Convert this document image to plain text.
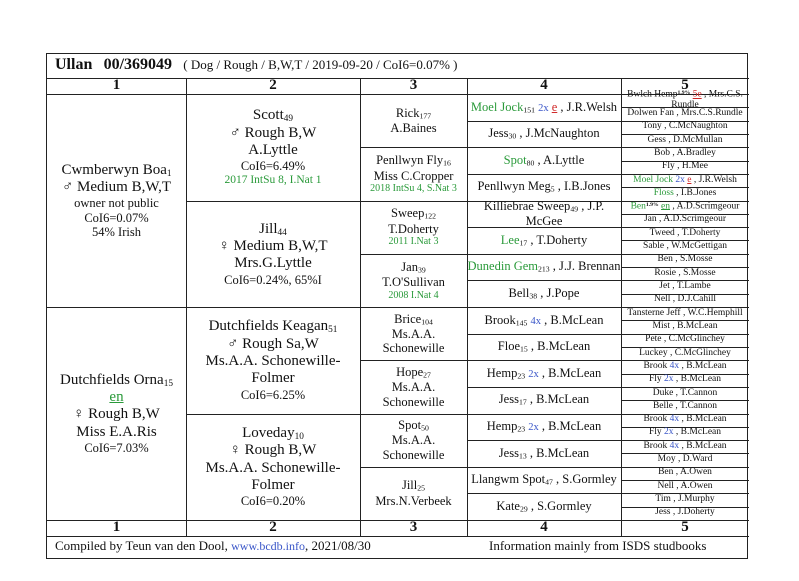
Ullan 00/369049 ( Dog / Rough / B,W,T / 2019-09-20 / CoI6=0.07% )
1
1
2
2
3
3
4
4
5
5
Cwmberwyn Boa$_1$
♂ Medium B,W,T
owner not public
CoI6=0.07%
54% Irish
Dutchfields Orna$_{15}$
en
♀ Rough B,W
Miss E.A.Ris
CoI6=7.03%
Scott$_{49}$
♂ Rough B,W
A.Lyttle
CoI6=6.49%
2017 IntSu 8, I.Nat 1
Jill$_{44}$
♀ Medium B,W,T
Mrs.G.Lyttle
CoI6=0.24%, 65%I
Dutchfields Keagan$_{51}$
♂ Rough Sa,W
Ms.A.A. Schonewille-Folmer
CoI6=6.25%
Loveday$_{10}$
♀ Rough B,W
Ms.A.A. Schonewille-Folmer
CoI6=0.20%
Rick$_{177}$
A.Baines
Penllwyn Fly$_{16}$
Miss C.Cropper
2018 IntSu 4, S.Nat 3
Sweep$_{122}$
T.Doherty
2011 I.Nat 3
Jan$_{39}$
T.O'Sullivan
2008 I.Nat 4
Brice$_{104}$
Ms.A.A. Schonewille
Hope$_{27}$
Ms.A.A. Schonewille
Spot$_{50}$
Ms.A.A. Schonewille
Jill$_{25}$
Mrs.N.Verbeek
Moel Jock$_{151}$ 2x e , J.R.Welsh
Jess$_{30}$ , J.McNaughton
Spot$_{80}$ , A.Lyttle
Penllwyn Meg$_5$ , I.B.Jones
Killiebrae Sweep$_{49}$ , J.P. McGee
Lee$_{17}$ , T.Doherty
Dunedin Gem$_{213}$ , J.J. Brennan
Bell$_{38}$ , J.Pope
Brook$_{145}$ 4x , B.McLean
Floe$_{15}$ , B.McLean
Hemp$_{23}$ 2x , B.McLean
Jess$_{17}$ , B.McLean
Hemp$_{23}$ 2x , B.McLean
Jess$_{13}$ , B.McLean
Llangwm Spot$_{47}$ , S.Gormley
Kate$_{29}$ , S.Gormley
Bwlch Hemp$^{1.9\%}$ 5e , Mrs.C.S. Rundle
Dolwen Fan , Mrs.C.S.Rundle
Tony , C.McNaughton
Gess , D.McMullan
Bob , A.Bradley
Fly , H.Mee
Moel Jock 2x e , J.R.Welsh
Floss , I.B.Jones
Ben$^{1.9\%}$ en , A.D.Scrimgeour
Jan , A.D.Scrimgeour
Tweed , T.Doherty
Sable , W.McGettigan
Ben , S.Mosse
Rosie , S.Mosse
Jet , T.Lambe
Nell , D.J.Cahill
Tansterne Jeff , W.C.Hemphill
Mist , B.McLean
Pete , C.McGlinchey
Luckey , C.McGlinchey
Brook 4x , B.McLean
Fly 2x , B.McLean
Duke , T.Cannon
Belle , T.Cannon
Brook 4x , B.McLean
Fly 2x , B.McLean
Brook 4x , B.McLean
Moy , D.Ward
Ben , A.Owen
Nell , A.Owen
Tim , J.Murphy
Jess , J.Doherty
Compiled by Teun van den Dool, www.bcdb.info, 2021/08/30	Information mainly from ISDS studbooks
